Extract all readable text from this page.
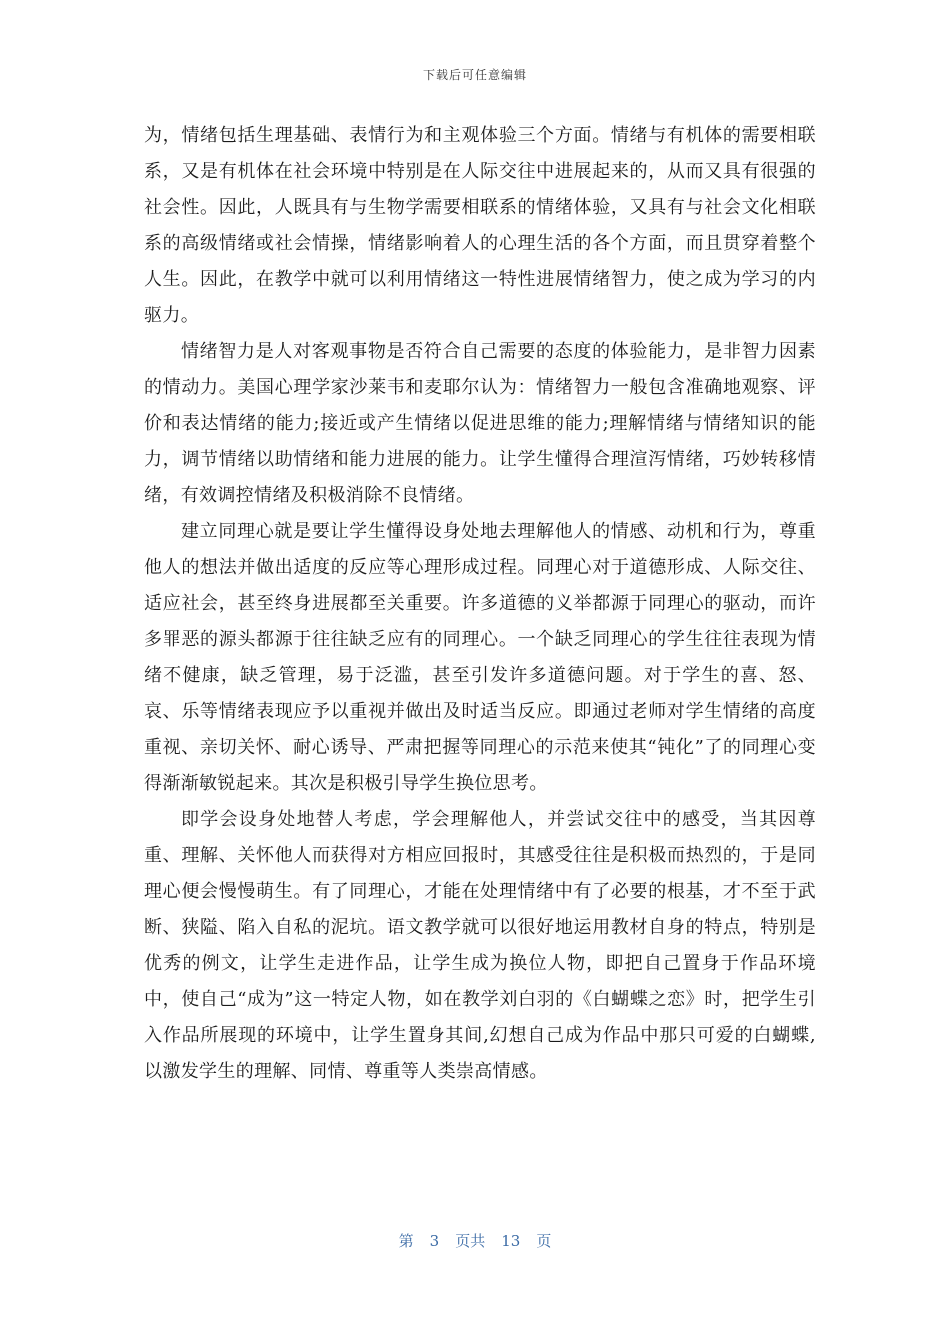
下载后可任意编辑

为，情绪包括生理基础、表情行为和主观体验三个方面。情绪与有机体的需要相联系，又是有机体在社会环境中特别是在人际交往中进展起来的，从而又具有很强的社会性。因此，人既具有与生物学需要相联系的情绪体验，又具有与社会文化相联系的高级情绪或社会情操，情绪影响着人的心理生活的各个方面，而且贯穿着整个人生。因此，在教学中就可以利用情绪这一特性进展情绪智力，使之成为学习的内驱力。

情绪智力是人对客观事物是否符合自己需要的态度的体验能力，是非智力因素的情动力。美国心理学家沙莱韦和麦耶尔认为：情绪智力一般包含准确地观察、评价和表达情绪的能力;接近或产生情绪以促进思维的能力;理解情绪与情绪知识的能力，调节情绪以助情绪和能力进展的能力。让学生懂得合理渲泻情绪，巧妙转移情绪，有效调控情绪及积极消除不良情绪。

建立同理心就是要让学生懂得设身处地去理解他人的情感、动机和行为，尊重他人的想法并做出适度的反应等心理形成过程。同理心对于道德形成、人际交往、适应社会，甚至终身进展都至关重要。许多道德的义举都源于同理心的驱动，而许多罪恶的源头都源于往往缺乏应有的同理心。一个缺乏同理心的学生往往表现为情绪不健康，缺乏管理，易于泛滥，甚至引发许多道德问题。对于学生的喜、怒、哀、乐等情绪表现应予以重视并做出及时适当反应。即通过老师对学生情绪的高度重视、亲切关怀、耐心诱导、严肃把握等同理心的示范来使其“钝化”了的同理心变得渐渐敏锐起来。其次是积极引导学生换位思考。

即学会设身处地替人考虑，学会理解他人，并尝试交往中的感受，当其因尊重、理解、关怀他人而获得对方相应回报时，其感受往往是积极而热烈的，于是同理心便会慢慢萌生。有了同理心，才能在处理情绪中有了必要的根基，才不至于武断、狭隘、陷入自私的泥坑。语文教学就可以很好地运用教材自身的特点，特别是优秀的例文，让学生走进作品，让学生成为换位人物，即把自己置身于作品环境中，使自己“成为”这一特定人物，如在教学刘白羽的《白蝴蝶之恋》时，把学生引入作品所展现的环境中，让学生置身其间,幻想自己成为作品中那只可爱的白蝴蝶,以激发学生的理解、同情、尊重等人类崇高情感。

第 3 页共 13 页
